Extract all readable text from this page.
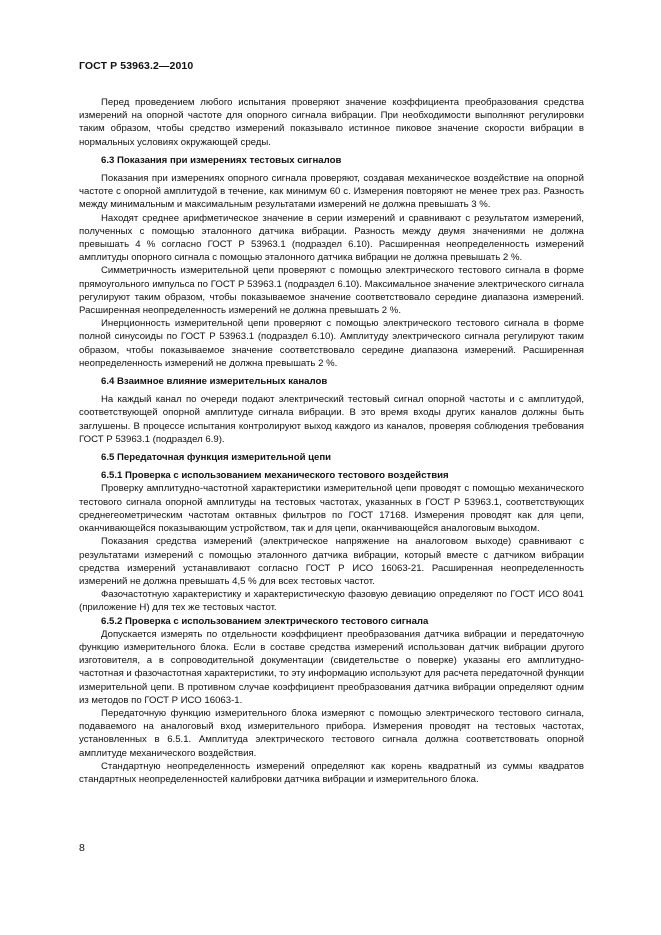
ГОСТ Р 53963.2—2010

Перед проведением любого испытания проверяют значение коэффициента преобразования средства измерений на опорной частоте для опорного сигнала вибрации. При необходимости выполняют регулировки таким образом, чтобы средство измерений показывало истинное пиковое значение скорости вибрации в нормальных условиях окружающей среды.

6.3 Показания при измерениях тестовых сигналов

Показания при измерениях опорного сигнала проверяют, создавая механическое воздействие на опорной частоте с опорной амплитудой в течение, как минимум 60 с. Измерения повторяют не менее трех раз. Разность между минимальным и максимальным результатами измерений не должна превышать 3 %.

Находят среднее арифметическое значение в серии измерений и сравнивают с результатом измерений, полученных с помощью эталонного датчика вибрации. Разность между двумя значениями не должна превышать 4 % согласно ГОСТ Р 53963.1 (подраздел 6.10). Расширенная неопределенность измерений амплитуды опорного сигнала с помощью эталонного датчика вибрации не должна превышать 2 %.

Симметричность измерительной цепи проверяют с помощью электрического тестового сигнала в форме прямоугольного импульса по ГОСТ Р 53963.1 (подраздел 6.10). Максимальное значение электрического сигнала регулируют таким образом, чтобы показываемое значение соответствовало середине диапазона измерений. Расширенная неопределенность измерений не должна превышать 2 %.

Инерционность измерительной цепи проверяют с помощью электрического тестового сигнала в форме полной синусоиды по ГОСТ Р 53963.1 (подраздел 6.10). Амплитуду электрического сигнала регулируют таким образом, чтобы показываемое значение соответствовало середине диапазона измерений. Расширенная неопределенность измерений не должна превышать 2 %.

6.4 Взаимное влияние измерительных каналов

На каждый канал по очереди подают электрический тестовый сигнал опорной частоты и с амплитудой, соответствующей опорной амплитуде сигнала вибрации. В это время входы других каналов должны быть заглушены. В процессе испытания контролируют выход каждого из каналов, проверяя соблюдения требования ГОСТ Р 53963.1 (подраздел 6.9).

6.5 Передаточная функция измерительной цепи
6.5.1 Проверка с использованием механического тестового воздействия

Проверку амплитудно-частотной характеристики измерительной цепи проводят с помощью механического тестового сигнала опорной амплитуды на тестовых частотах, указанных в ГОСТ Р 53963.1, соответствующих среднегеометрическим частотам октавных фильтров по ГОСТ 17168. Измерения проводят как для цепи, оканчивающейся показывающим устройством, так и для цепи, оканчивающейся аналоговым выходом.

Показания средства измерений (электрическое напряжение на аналоговом выходе) сравнивают с результатами измерений с помощью эталонного датчика вибрации, который вместе с датчиком вибрации средства измерений устанавливают согласно ГОСТ Р ИСО 16063-21. Расширенная неопределенность измерений не должна превышать 4,5 % для всех тестовых частот.

Фазочастотную характеристику и характеристическую фазовую девиацию определяют по ГОСТ ИСО 8041 (приложение Н) для тех же тестовых частот.

6.5.2 Проверка с использованием электрического тестового сигнала

Допускается измерять по отдельности коэффициент преобразования датчика вибрации и передаточную функцию измерительного блока. Если в составе средства измерений использован датчик вибрации другого изготовителя, а в сопроводительной документации (свидетельстве о поверке) указаны его амплитудно-частотная и фазочастотная характеристики, то эту информацию используют для расчета передаточной функции измерительной цепи. В противном случае коэффициент преобразования датчика вибрации определяют одним из методов по ГОСТ Р ИСО 16063-1.

Передаточную функцию измерительного блока измеряют с помощью электрического тестового сигнала, подаваемого на аналоговый вход измерительного прибора. Измерения проводят на тестовых частотах, установленных в 6.5.1. Амплитуда электрического тестового сигнала должна соответствовать опорной амплитуде механического воздействия.

Стандартную неопределенность измерений определяют как корень квадратный из суммы квадратов стандартных неопределенностей калибровки датчика вибрации и измерительного блока.

8
